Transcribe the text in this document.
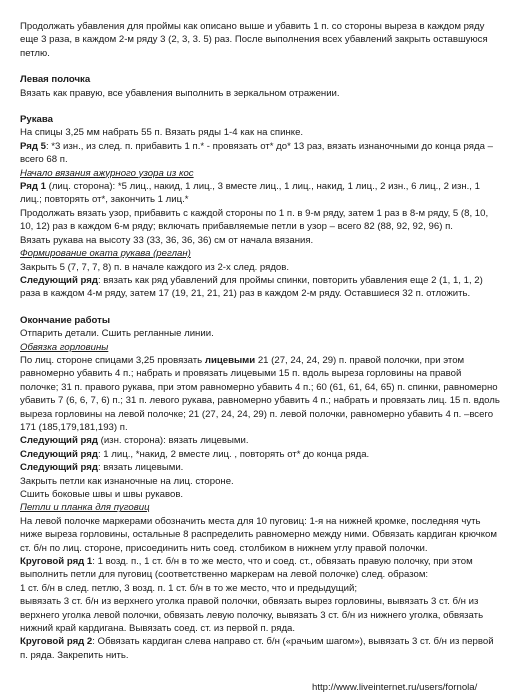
Продолжать убавления для проймы как описано выше и убавить 1 п. со стороны выреза в каждом ряду еще 3 раза, в каждом 2-м ряду 3 (2, 3, 3. 5) раз. После выполнения всех убавлений закрыть оставшуюся петлю.

Левая полочка

Вязать как правую, все убавления выполнить в зеркальном отражении.

Рукава

На спицы 3,25 мм набрать 55 п. Вязать ряды 1-4 как на спинке.

Ряд 5: *3 изн., из след. п. прибавить 1 п.* - провязать от* до* 13 раз, вязать изнаночными до конца ряда – всего 68 п.

Начало вязания ажурного узора из кос

Ряд 1 (лиц. сторона): *5 лиц., накид, 1 лиц., 3 вместе лиц., 1 лиц., накид, 1 лиц., 2 изн., 6 лиц., 2 изн., 1 лиц.; повторять от*, закончить 1 лиц.*

Продолжать вязать узор, прибавить с каждой стороны по 1 п. в 9-м ряду, затем 1 раз в 8-м ряду, 5 (8, 10, 10, 12) раз в каждом 6-м ряду; включать прибавляемые петли в узор – всего 82 (88, 92, 92, 96) п.

Вязать рукава на высоту 33 (33, 36, 36, 36) см от начала вязания.

Формирование оката рукава (реглан)

Закрыть 5 (7, 7, 7, 8) п. в начале каждого из 2-х след. рядов.

Следующий ряд: вязать как ряд убавлений для проймы спинки, повторить убавления еще 2 (1, 1, 1, 2) раза в каждом 4-м ряду, затем 17 (19, 21, 21, 21) раз в каждом 2-м ряду. Оставшиеся 32 п. отложить.

Окончание работы

Отпарить детали. Сшить регланные линии.

Обвязка горловины

По лиц. стороне спицами 3,25 провязать лицевыми 21 (27, 24, 24, 29) п. правой полочки, при этом равномерно убавить 4 п.; набрать и провязать лицевыми 15 п. вдоль выреза горловины на правой полочке; 31 п. правого рукава, при этом равномерно убавить 4 п.; 60 (61, 61, 64, 65) п. спинки, равномерно убавить 7 (6, 6, 7, 6) п.; 31 п. левого рукава, равномерно убавить 4 п.; набрать и провязать лиц. 15 п. вдоль выреза горловины на левой полочке; 21 (27, 24, 24, 29) п. левой полочки, равномерно убавить 4 п. –всего 171 (185,179,181,193) п.

Следующий ряд (изн. сторона): вязать лицевыми.

Следующий ряд: 1 лиц., *накид, 2 вместе лиц. , повторять от* до конца ряда.

Следующий ряд: вязать лицевыми.

Закрыть петли как изнаночные на лиц. стороне.

Сшить боковые швы и швы рукавов.

Петли и планка для пуговиц

На левой полочке маркерами обозначить места для 10 пуговиц: 1-я на нижней кромке, последняя чуть ниже выреза горловины, остальные 8 распределить равномерно между ними. Обвязать кардиган крючком ст. б/н по лиц. стороне, присоединить нить соед. столбиком в нижнем углу правой полочки.

Круговой ряд 1: 1 возд. п., 1 ст. б/н в то же место, что и соед. ст., обвязать правую полочку, при этом выполнить петли для пуговиц (соответственно маркерам на левой полочке) след. образом:

1 ст. б/н в след. петлю, 3 возд. п. 1 ст. б/н в то же место, что и предыдущий;

вывязать 3 ст. б/н из верхнего уголка правой полочки, обвязать вырез горловины, вывязать 3 ст. б/н из верхнего уголка левой полочки, обвязать левую полочку, вывязать 3 ст. б/н из нижнего уголка, обвязать нижний край кардигана. Вывязать соед. ст. из первой п. ряда.

Круговой ряд 2: Обвязать кардиган слева направо ст. б/н («рачьим шагом»), вывязать 3 ст. б/н из первой п. ряда. Закрепить нить.

http://www.liveinternet.ru/users/fornola/
